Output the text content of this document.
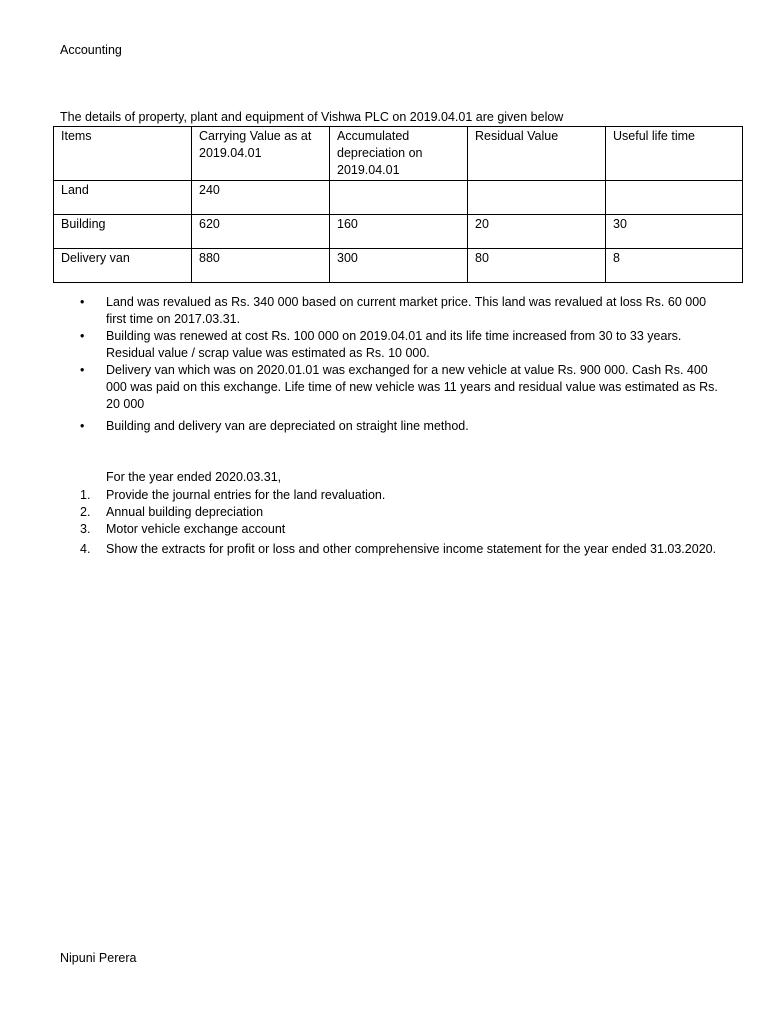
Accounting
The details of property, plant and equipment of Vishwa PLC on 2019.04.01 are given below
Items	Carrying Value as at 2019.04.01	Accumulated depreciation on 2019.04.01	Residual Value	Useful life time
Land	240			
Building	620	160	20	30
Delivery van	880	300	80	8
•	Land was revalued as Rs. 340 000 based on current market price. This land was revalued at loss Rs. 60 000 first time on 2017.03.31.
•	Building was renewed at cost Rs. 100 000 on 2019.04.01 and its life time increased from 30 to 33 years. Residual value / scrap value was estimated as Rs. 10 000.
•	Delivery van which was on 2020.01.01 was exchanged for a new vehicle at value Rs. 900 000. Cash Rs. 400 000 was paid on this exchange. Life time of new vehicle was 11 years and residual value was estimated as Rs. 20 000
•	Building and delivery van are depreciated on straight line method.
For the year ended 2020.03.31,
1. Provide the journal entries for the land revaluation.
2. Annual building depreciation
3. Motor vehicle exchange account
4. Show the extracts for profit or loss and other comprehensive income statement for the year ended 31.03.2020.
Nipuni Perera
